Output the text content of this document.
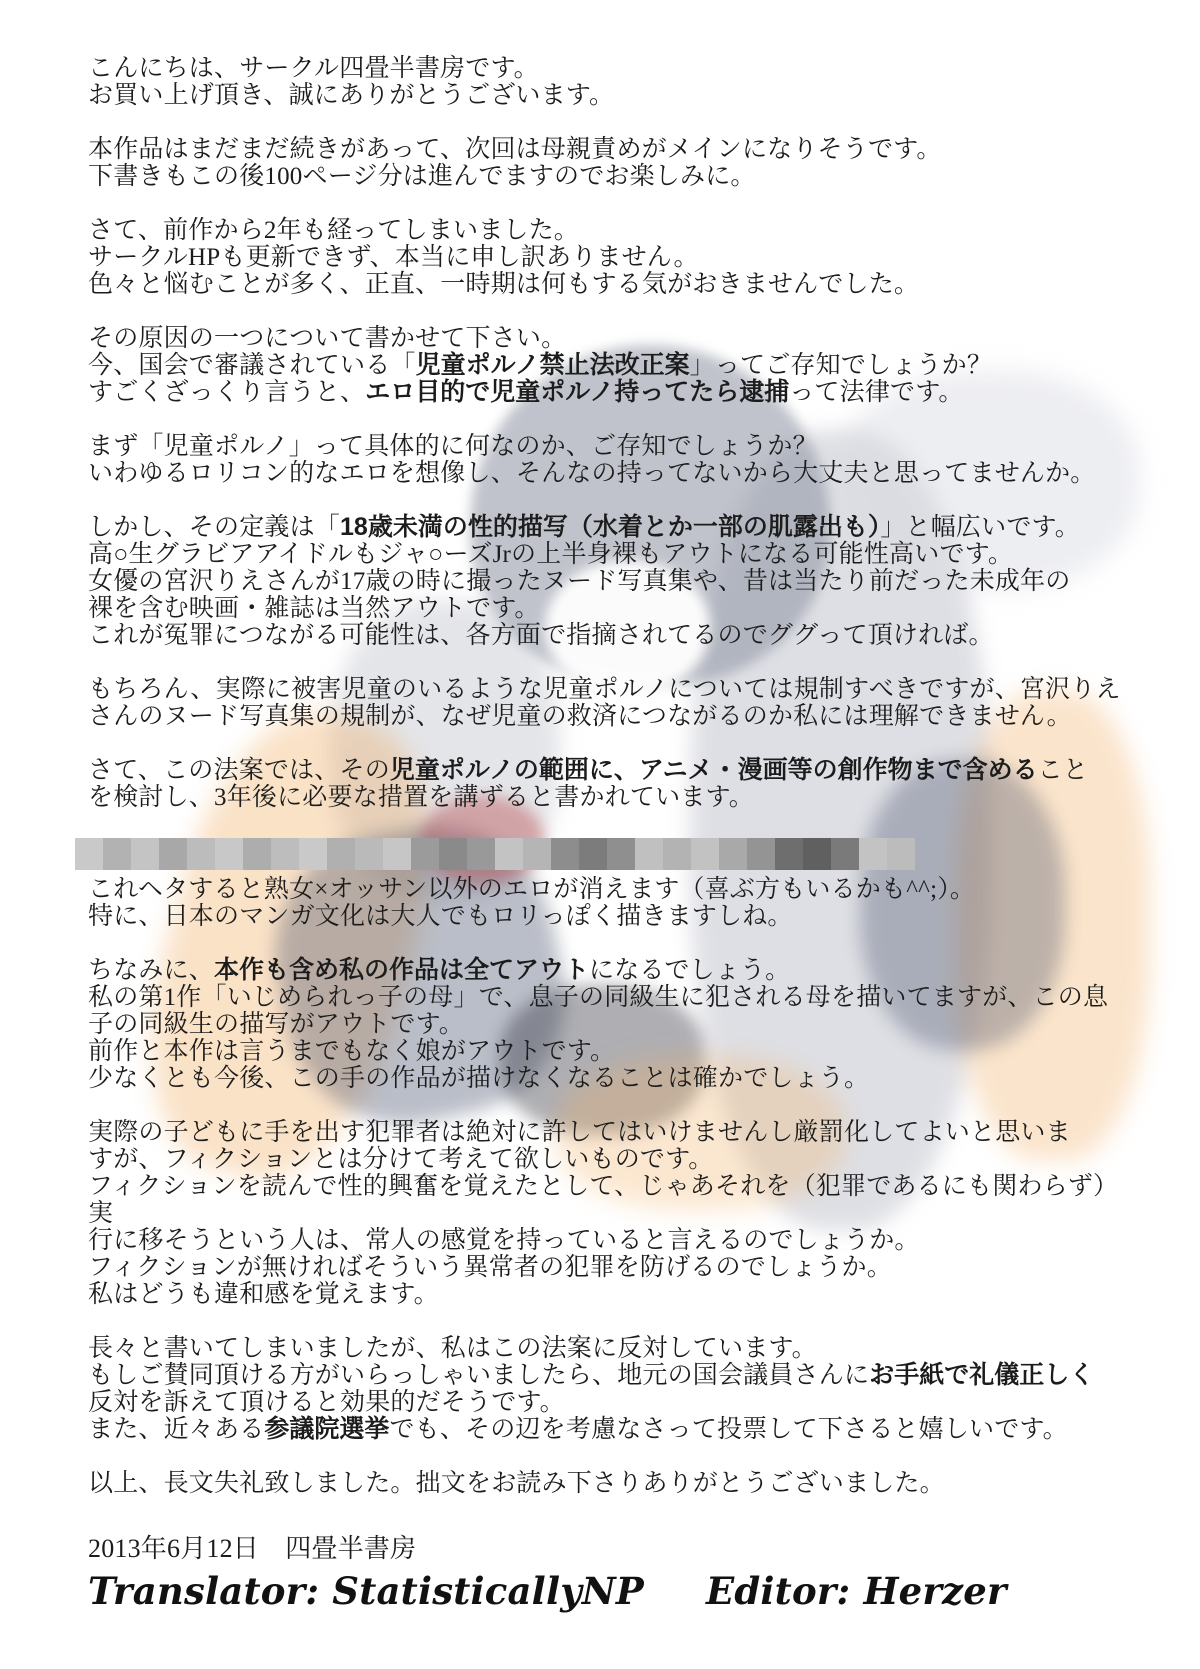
こんにちは、サークル四畳半書房です。
お買い上げ頂き、誠にありがとうございます。

本作品はまだまだ続きがあって、次回は母親責めがメインになりそうです。
下書きもこの後100ページ分は進んでますのでお楽しみに。

さて、前作から2年も経ってしまいました。
サークルHPも更新できず、本当に申し訳ありません。
色々と悩むことが多く、正直、一時期は何もする気がおきませんでした。

その原因の一つについて書かせて下さい。
今、国会で審議されている「児童ポルノ禁止法改正案」ってご存知でしょうか？
すごくざっくり言うと、エロ目的で児童ポルノ持ってたら逮捕って法律です。

まず「児童ポルノ」って具体的に何なのか、ご存知でしょうか？
いわゆるロリコン的なエロを想像し、そんなの持ってないから大丈夫と思ってませんか。

しかし、その定義は「18歳未満の性的描写（水着とか一部の肌露出も）」と幅広いです。
高○生グラビアアイドルもジャ○ーズJrの上半身裸もアウトになる可能性高いです。
女優の宮沢りえさんが17歳の時に撮ったヌード写真集や、昔は当たり前だった未成年の
裸を含む映画・雑誌は当然アウトです。
これが冤罪につながる可能性は、各方面で指摘されてるのでググって頂ければ。

もちろん、実際に被害児童のいるような児童ポルノについては規制すべきですが、宮沢りえ
さんのヌード写真集の規制が、なぜ児童の救済につながるのか私には理解できません。

さて、この法案では、その児童ポルノの範囲に、アニメ・漫画等の創作物まで含めること
を検討し、3年後に必要な措置を講ずると書かれています。

これヘタすると熟女×オッサン以外のエロが消えます（喜ぶ方もいるかも^^;）。
特に、日本のマンガ文化は大人でもロリっぽく描きますしね。

ちなみに、本作も含め私の作品は全てアウトになるでしょう。
私の第1作「いじめられっ子の母」で、息子の同級生に犯される母を描いてますが、この息
子の同級生の描写がアウトです。
前作と本作は言うまでもなく娘がアウトです。
少なくとも今後、この手の作品が描けなくなることは確かでしょう。

実際の子どもに手を出す犯罪者は絶対に許してはいけませんし厳罰化してよいと思いま
すが、フィクションとは分けて考えて欲しいものです。
フィクションを読んで性的興奮を覚えたとして、じゃあそれを（犯罪であるにも関わらず）実
行に移そうという人は、常人の感覚を持っていると言えるのでしょうか。
フィクションが無ければそういう異常者の犯罪を防げるのでしょうか。
私はどうも違和感を覚えます。

長々と書いてしまいましたが、私はこの法案に反対しています。
もしご賛同頂ける方がいらっしゃいましたら、地元の国会議員さんにお手紙で礼儀正しく
反対を訴えて頂けると効果的だそうです。
また、近々ある参議院選挙でも、その辺を考慮なさって投票して下さると嬉しいです。

以上、長文失礼致しました。拙文をお読み下さりありがとうございました。

2013年6月12日　四畳半書房
Translator: StatisticallyNP Editor: Herzer
